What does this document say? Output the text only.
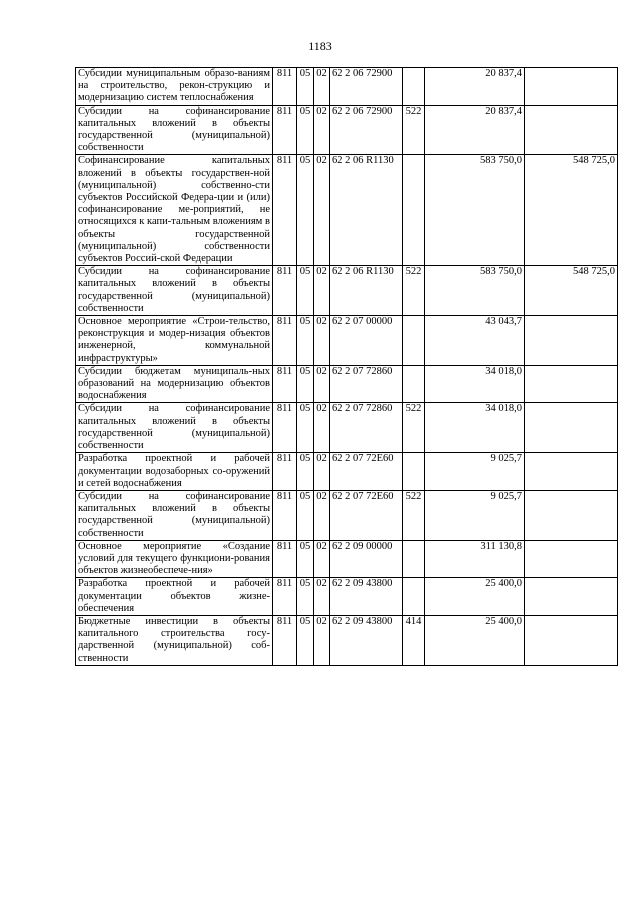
1183
Субсидии муниципальным образо-ваниям на строительство, рекон-струкцию и модернизацию систем теплоснабжения	811	05	02	62 2 06 72900		20 837,4	
Субсидии на софинансирование капитальных вложений в объекты государственной (муниципальной) собственности	811	05	02	62 2 06 72900	522	20 837,4	
Софинансирование капитальных вложений в объекты государствен-ной (муниципальной) собственно-сти субъектов Российской Федера-ции и (или) софинансирование ме-роприятий, не относящихся к капи-тальным вложениям в объекты государственной (муниципальной) собственности субъектов Россий-ской Федерации	811	05	02	62 2 06 R1130		583 750,0	548 725,0
Субсидии на софинансирование капитальных вложений в объекты государственной (муниципальной) собственности	811	05	02	62 2 06 R1130	522	583 750,0	548 725,0
Основное мероприятие «Строи-тельство, реконструкция и модер-низация объектов инженерной, коммунальной инфраструктуры»	811	05	02	62 2 07 00000		43 043,7	
Субсидии бюджетам муниципаль-ных образований на модернизацию объектов водоснабжения	811	05	02	62 2 07 72860		34 018,0	
Субсидии на софинансирование капитальных вложений в объекты государственной (муниципальной) собственности	811	05	02	62 2 07 72860	522	34 018,0	
Разработка проектной и рабочей документации водозаборных со-оружений и сетей водоснабжения	811	05	02	62 2 07 72E60		9 025,7	
Субсидии на софинансирование капитальных вложений в объекты государственной (муниципальной) собственности	811	05	02	62 2 07 72E60	522	9 025,7	
Основное мероприятие «Создание условий для текущего функциони-рования объектов жизнеобеспече-ния»	811	05	02	62 2 09 00000		311 130,8	
Разработка проектной и рабочей документации объектов жизне-обеспечения	811	05	02	62 2 09 43800		25 400,0	
Бюджетные инвестиции в объекты капитального строительства госу-дарственной (муниципальной) соб-ственности	811	05	02	62 2 09 43800	414	25 400,0	
